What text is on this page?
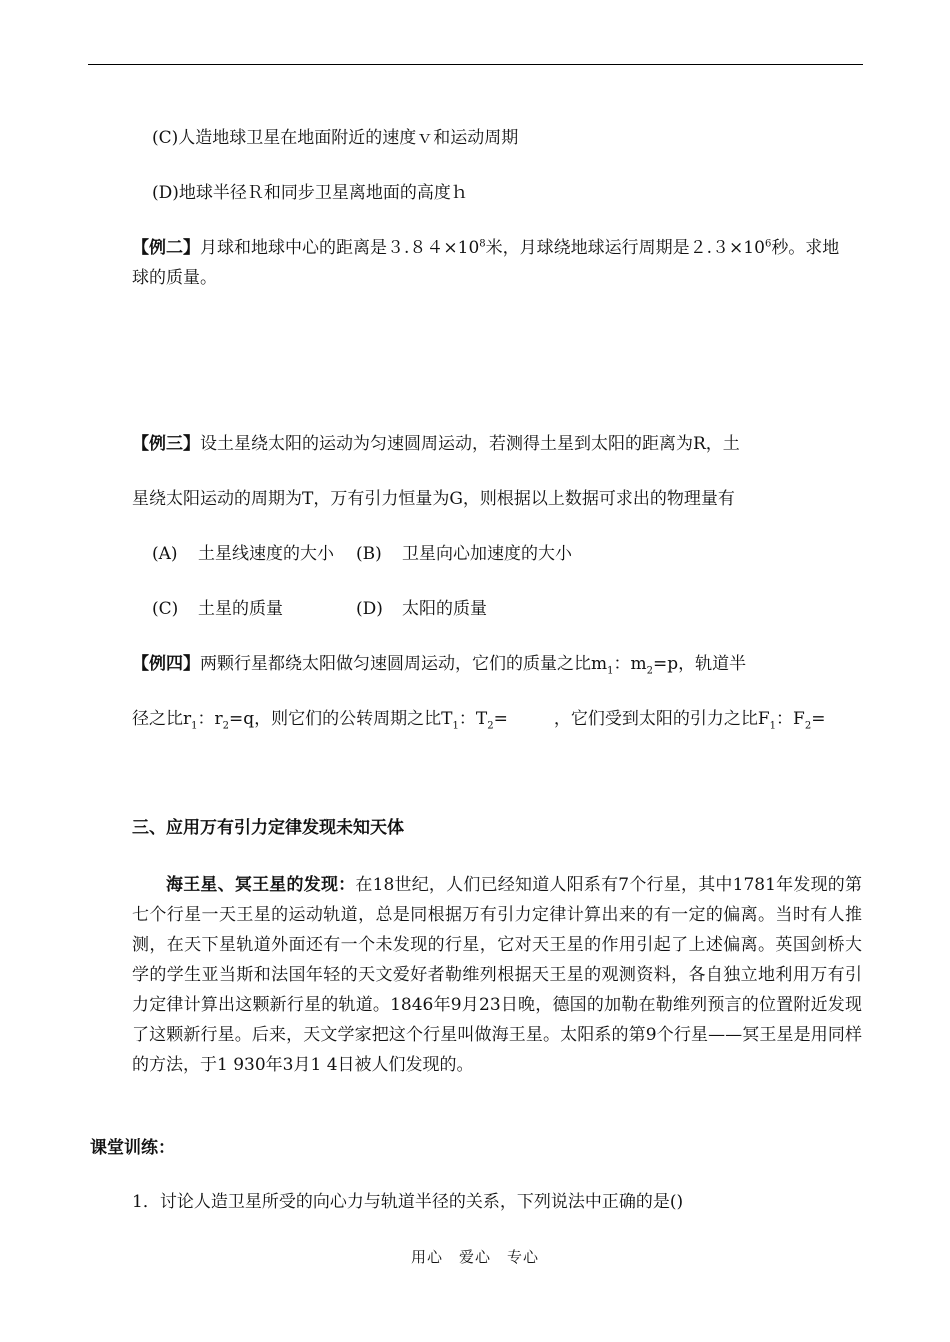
(C)人造地球卫星在地面附近的速度ｖ和运动周期
(D)地球半径Ｒ和同步卫星离地面的高度ｈ
【例二】月球和地球中心的距离是$3.84\times 10^8$米，月球绕地球运行周期是$2.3\times 10^6$秒。求地
球的质量。
【例三】设土星绕太阳的运动为匀速圆周运动，若测得土星到太阳的距离为R，土
星绕太阳运动的周期为T，万有引力恒量为G，则根据以上数据可求出的物理量有
(A) 土星线速度的大小 (B) 卫星向心加速度的大小
(C) 土星的质量	(D) 太阳的质量
【例四】两颗行星都绕太阳做匀速圆周运动，它们的质量之比$m_1$：$m_2=p$，轨道半
径之比$r_1$：$r_2=q$，则它们的公转周期之比$T_1$：$T_2=$	，它们受到太阳的引力之比$F_1$：$F_2=$
三、应用万有引力定律发现未知天体
海王星、冥王星的发现：在18世纪，人们已经知道人阳系有7个行星，其中1781年发现的第七个行星一天王星的运动轨道，总是同根据万有引力定律计算出来的有一定的偏离。当时有人推测，在天下星轨道外面还有一个未发现的行星，它对天王星的作用引起了上述偏离。英国剑桥大学的学生亚当斯和法国年轻的天文爱好者勒维列根据天王星的观测资料，各自独立地利用万有引力定律计算出这颗新行星的轨道。1846年9月23日晚，德国的加勒在勒维列预言的位置附近发现了这颗新行星。后来，天文学家把这个行星叫做海王星。太阳系的第9个行星——冥王星是用同样的方法，于1 930年3月1 4日被人们发现的。
课堂训练：
1．讨论人造卫星所受的向心力与轨道半径的关系，下列说法中正确的是()
用心　爱心　专心
